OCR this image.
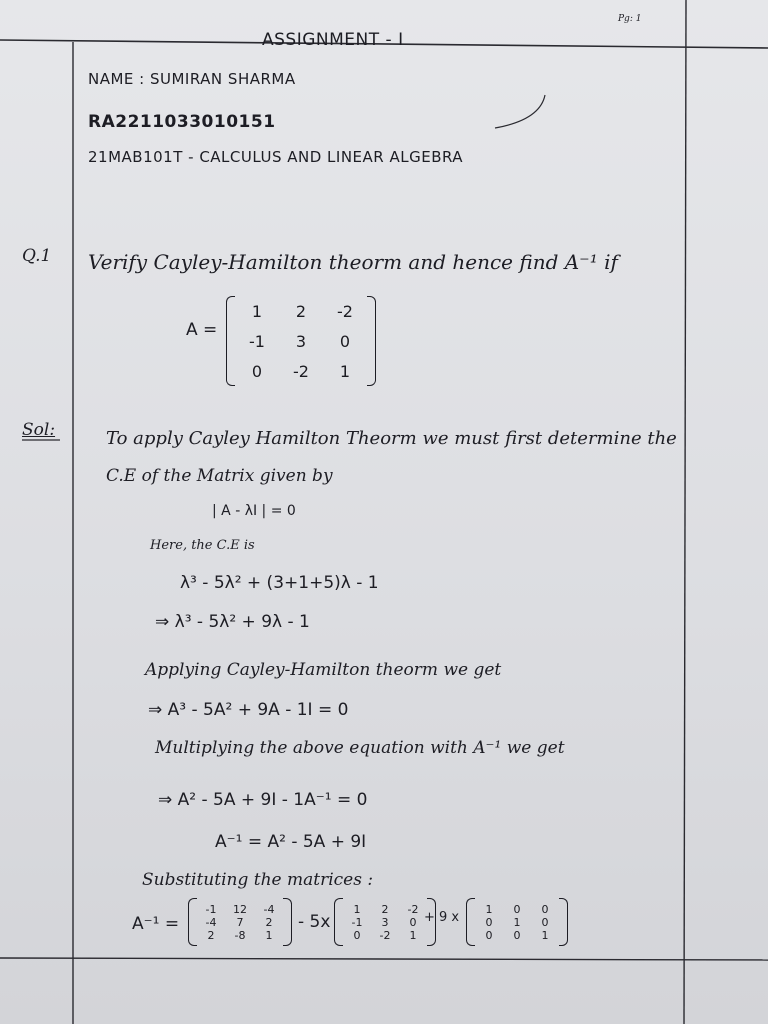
Pg: 1
ASSIGNMENT - I
NAME : SUMIRAN SHARMA
RA2211033010151
21MAB101T - CALCULUS AND LINEAR ALGEBRA
Q.1 Verify Cayley-Hamilton theorm and hence find A⁻¹ if
A =
1	2	-2
-1	3	0
0	-2	1
Sol:	To apply Cayley Hamilton Theorm we must first determine the
C.E of the Matrix given by
| A - λI | = 0
Here, the C.E is
λ³ - 5λ² + (3+1+5)λ - 1
⇒ λ³ - 5λ² + 9λ - 1
Applying Cayley-Hamilton theorm we get
⇒ A³ - 5A² + 9A - 1I = 0
Multiplying the above equation with A⁻¹ we get
⇒ A² - 5A + 9I - 1A⁻¹ = 0
A⁻¹ = A² - 5A + 9I
Substituting the matrices :
A⁻¹ =
-1	12	-4
-4	7	2
2	-8	1
- 5x
1	2	-2
-1	3	0
0	-2	1
+ 9 x
1	0	0
0	1	0
0	0	1
